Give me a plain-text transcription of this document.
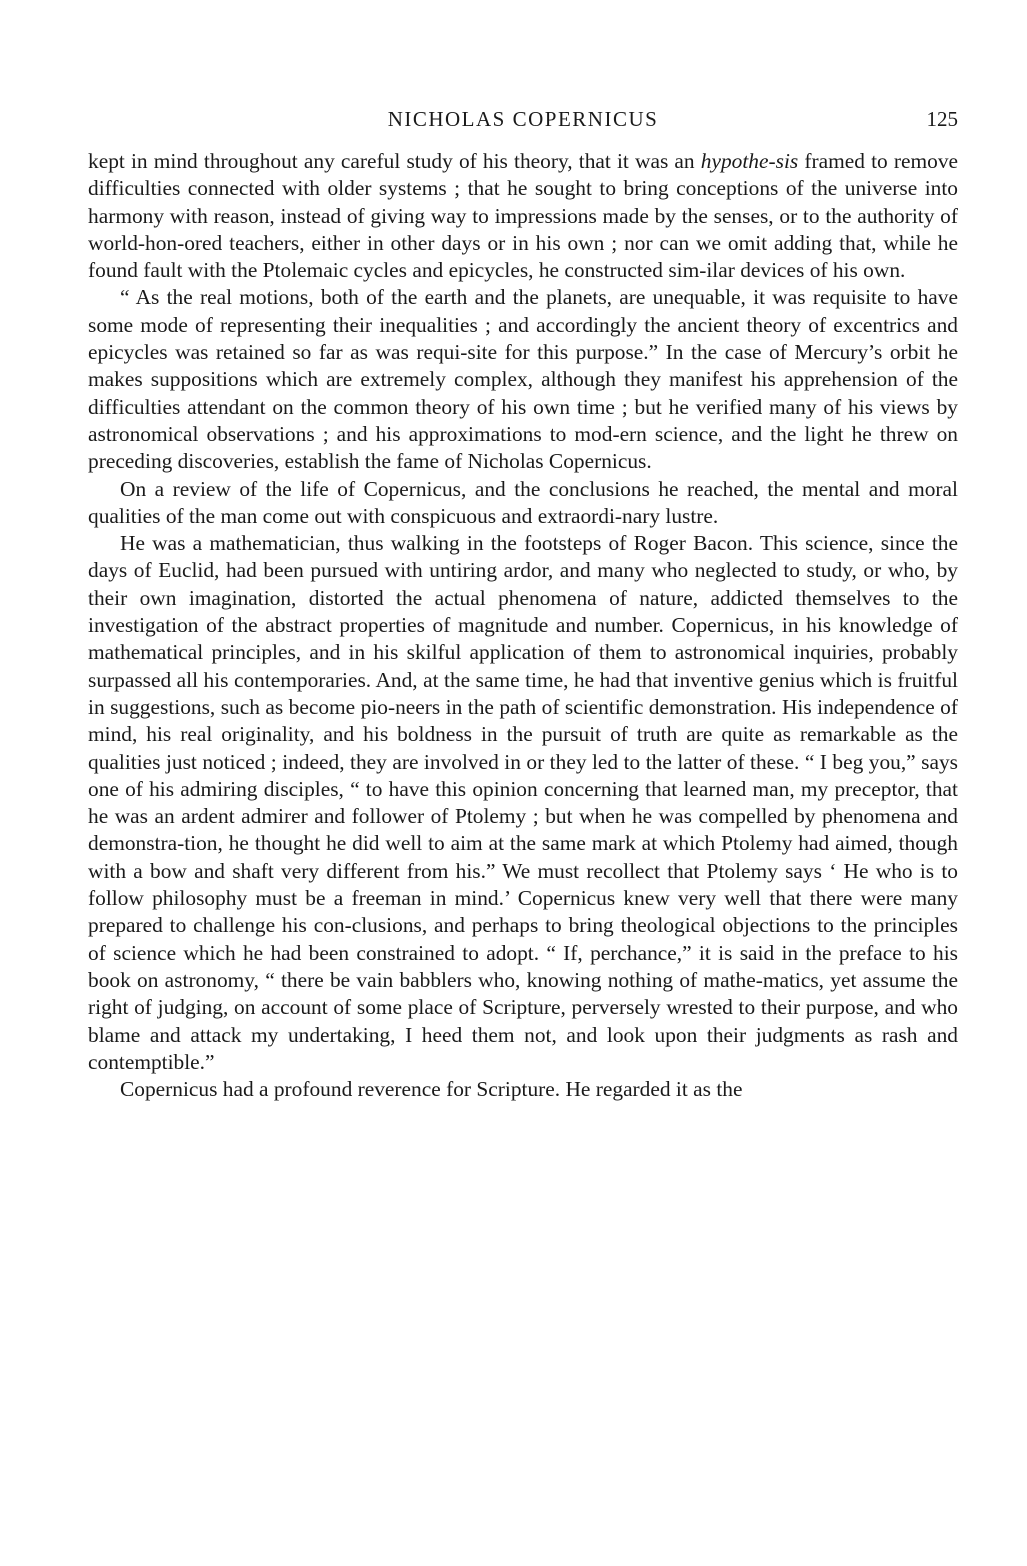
NICHOLAS COPERNICUS	125

kept in mind throughout any careful study of his theory, that it was an hypothe-sis framed to remove difficulties connected with older systems ; that he sought to bring conceptions of the universe into harmony with reason, instead of giving way to impressions made by the senses, or to the authority of world-hon-ored teachers, either in other days or in his own ; nor can we omit adding that, while he found fault with the Ptolemaic cycles and epicycles, he constructed sim-ilar devices of his own.

“ As the real motions, both of the earth and the planets, are unequable, it was requisite to have some mode of representing their inequalities ; and accordingly the ancient theory of excentrics and epicycles was retained so far as was requi-site for this purpose.” In the case of Mercury’s orbit he makes suppositions which are extremely complex, although they manifest his apprehension of the difficulties attendant on the common theory of his own time ; but he verified many of his views by astronomical observations ; and his approximations to mod-ern science, and the light he threw on preceding discoveries, establish the fame of Nicholas Copernicus.

On a review of the life of Copernicus, and the conclusions he reached, the mental and moral qualities of the man come out with conspicuous and extraordi-nary lustre.

He was a mathematician, thus walking in the footsteps of Roger Bacon. This science, since the days of Euclid, had been pursued with untiring ardor, and many who neglected to study, or who, by their own imagination, distorted the actual phenomena of nature, addicted themselves to the investigation of the abstract properties of magnitude and number. Copernicus, in his knowledge of mathematical principles, and in his skilful application of them to astronomical inquiries, probably surpassed all his contemporaries. And, at the same time, he had that inventive genius which is fruitful in suggestions, such as become pio-neers in the path of scientific demonstration. His independence of mind, his real originality, and his boldness in the pursuit of truth are quite as remarkable as the qualities just noticed ; indeed, they are involved in or they led to the latter of these. “ I beg you,” says one of his admiring disciples, “ to have this opinion concerning that learned man, my preceptor, that he was an ardent admirer and follower of Ptolemy ; but when he was compelled by phenomena and demonstra-tion, he thought he did well to aim at the same mark at which Ptolemy had aimed, though with a bow and shaft very different from his.” We must recollect that Ptolemy says ‘ He who is to follow philosophy must be a freeman in mind.’ Copernicus knew very well that there were many prepared to challenge his con-clusions, and perhaps to bring theological objections to the principles of science which he had been constrained to adopt. “ If, perchance,” it is said in the preface to his book on astronomy, “ there be vain babblers who, knowing nothing of mathe-matics, yet assume the right of judging, on account of some place of Scripture, perversely wrested to their purpose, and who blame and attack my undertaking, I heed them not, and look upon their judgments as rash and contemptible.”

Copernicus had a profound reverence for Scripture. He regarded it as the
